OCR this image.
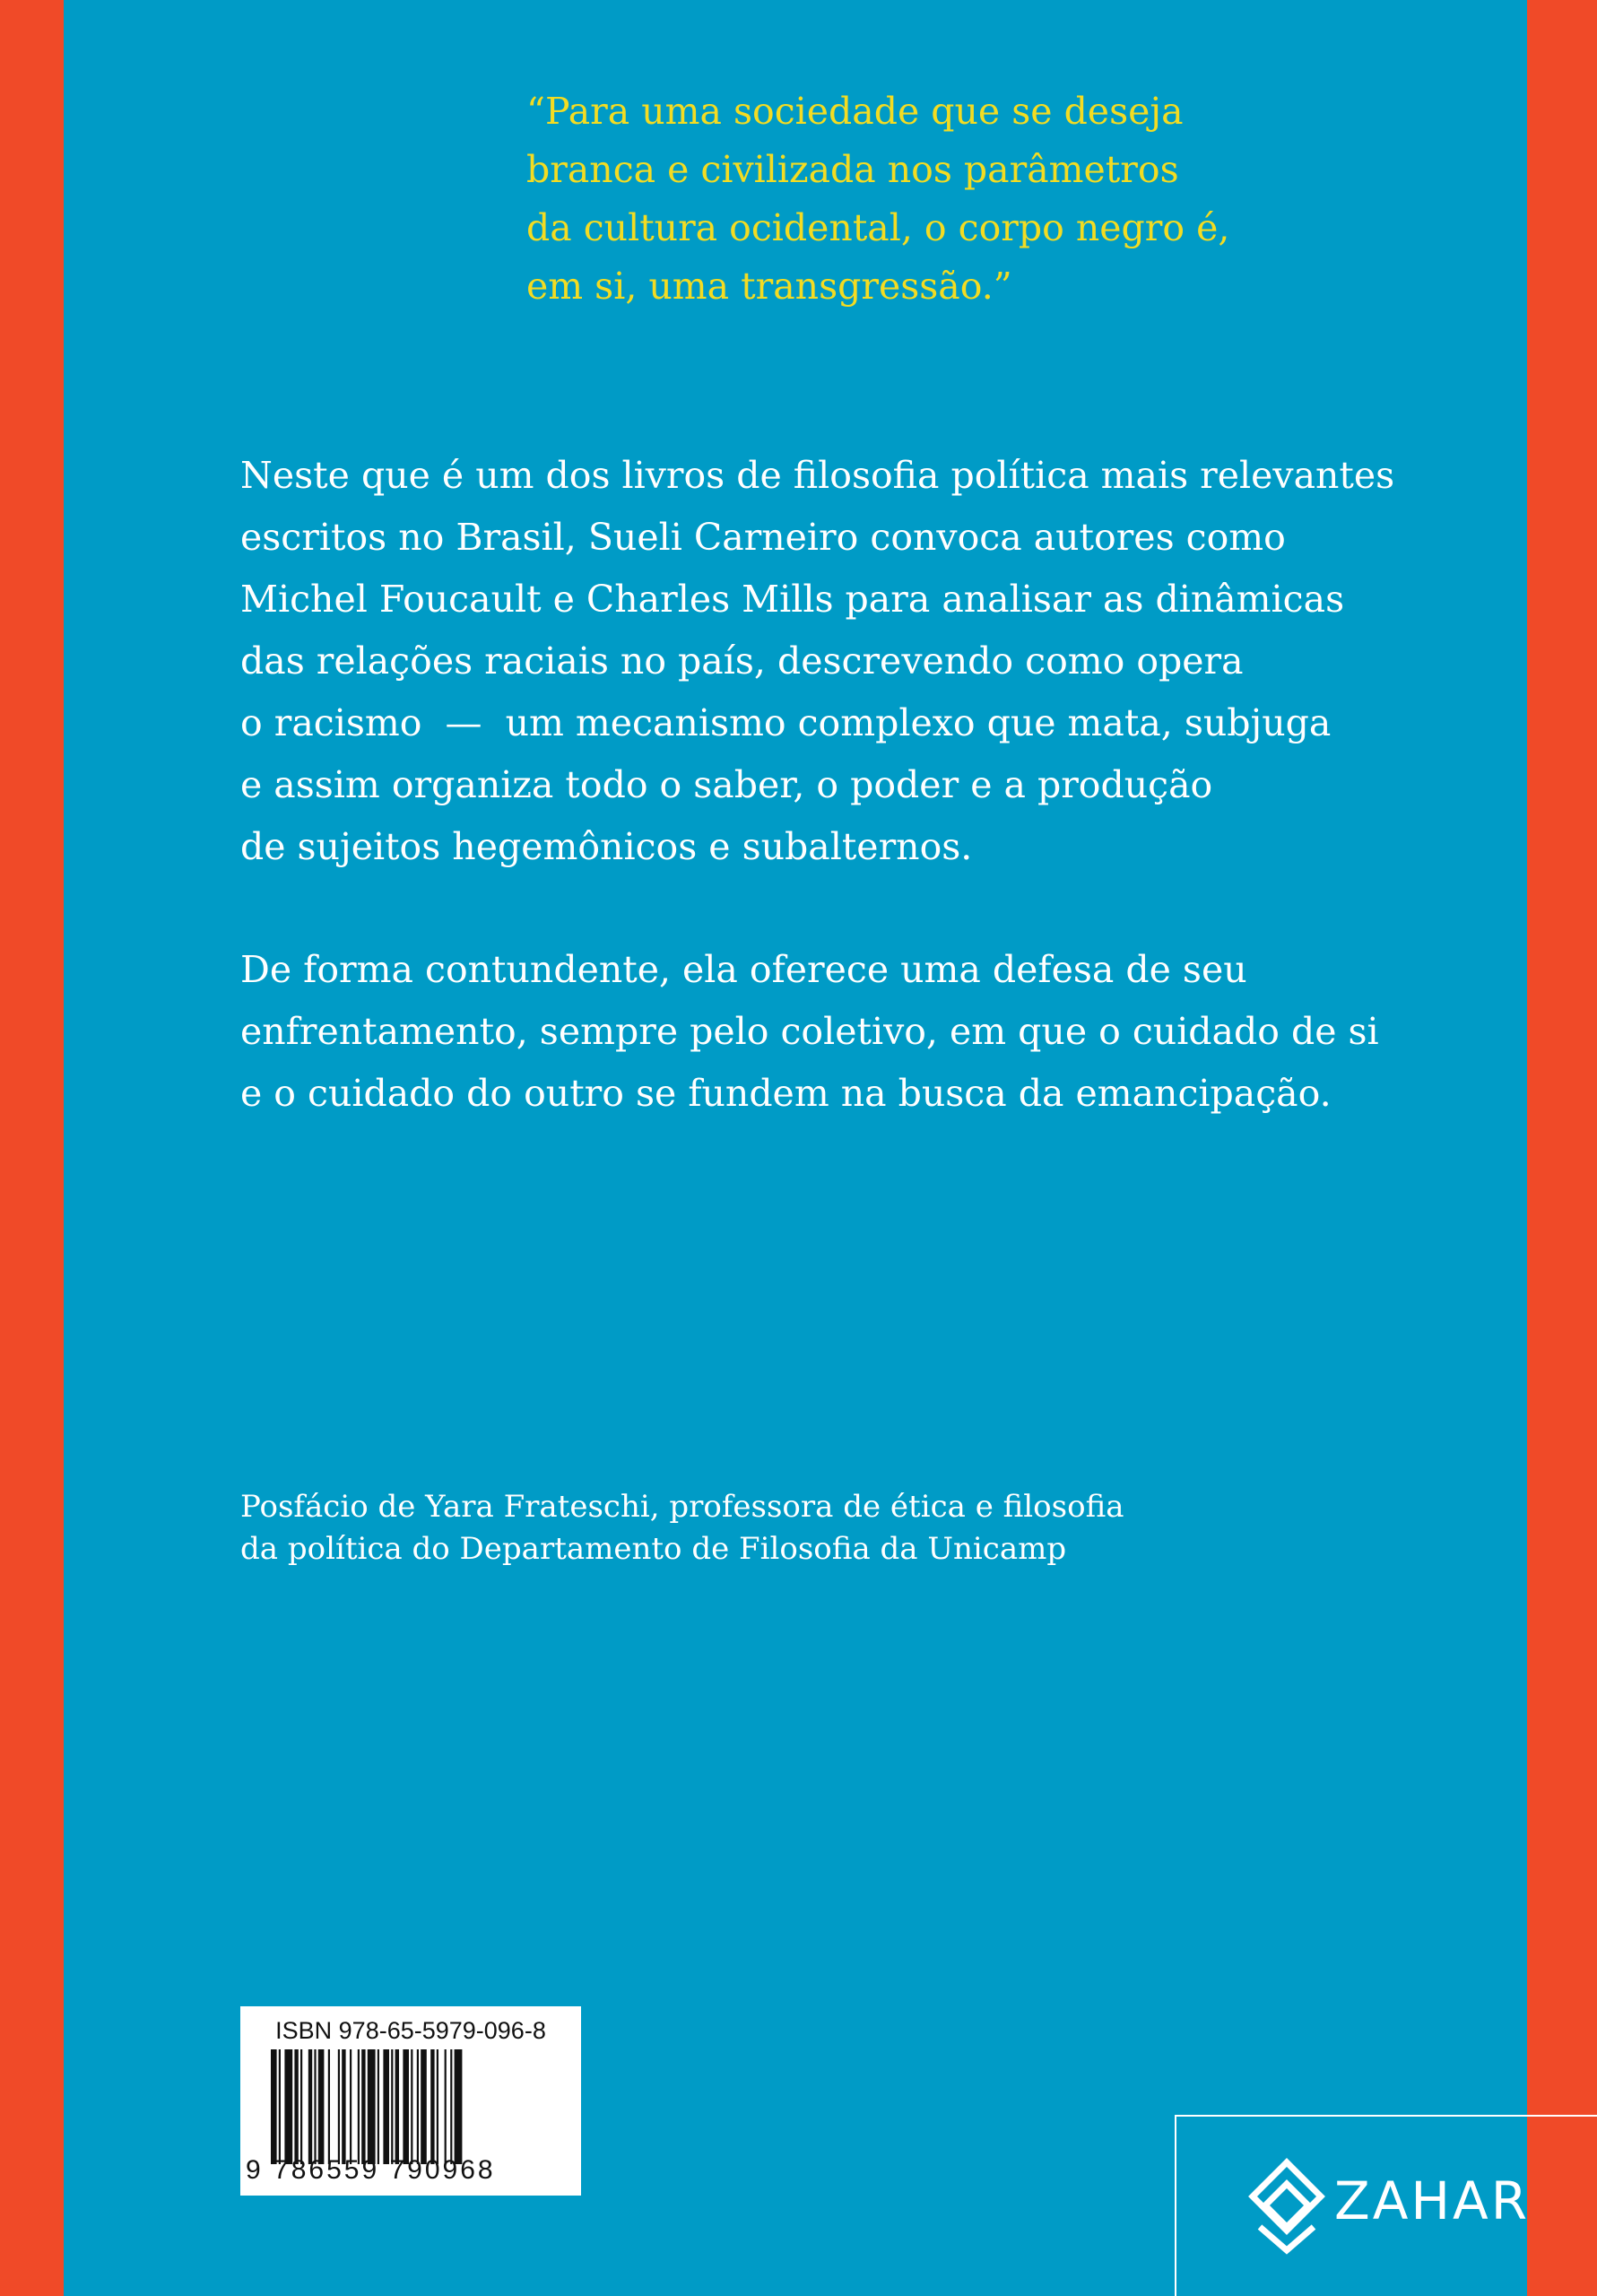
“Para uma sociedade que se deseja
branca e civilizada nos parâmetros
da cultura ocidental, o corpo negro é,
em si, uma transgressão.”

Neste que é um dos livros de filosofia política mais relevantes
escritos no Brasil, Sueli Carneiro convoca autores como
Michel Foucault e Charles Mills para analisar as dinâmicas
das relações raciais no país, descrevendo como opera
o racismo  —  um mecanismo complexo que mata, subjuga
e assim organiza todo o saber, o poder e a produção
de sujeitos hegemônicos e subalternos.

De forma contundente, ela oferece uma defesa de seu
enfrentamento, sempre pelo coletivo, em que o cuidado de si
e o cuidado do outro se fundem na busca da emancipação.

Posfácio de Yara Frateschi, professora de ética e filosofia
da política do Departamento de Filosofia da Unicamp

ISBN 978-65-5979-096-8
9 786559 790968
ZAHAR
